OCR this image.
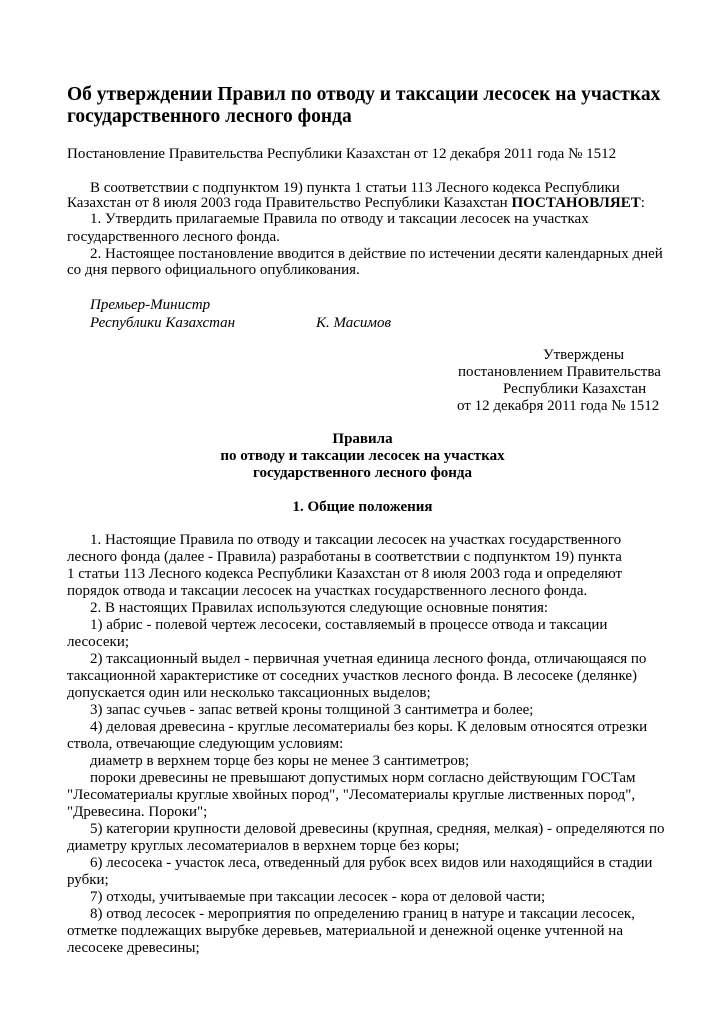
Об утверждении Правил по отводу и таксации лесосек на участках государственного лесного фонда

Постановление Правительства Республики Казахстан от 12 декабря 2011 года № 1512

В соответствии с подпунктом 19) пункта 1 статьи 113 Лесного кодекса Республики

Казахстан от 8 июля 2003 года Правительство Республики Казахстан ПОСТАНОВЛЯЕТ:

1. Утвердить прилагаемые Правила по отводу и таксации лесосек на участках

государственного лесного фонда.

2. Настоящее постановление вводится в действие по истечении десяти календарных дней

со дня первого официального опубликования.

Премьер-Министр

Республики Казахстан	К. Масимов

Утверждены

постановлением Правительства

Республики Казахстан

от 12 декабря 2011 года № 1512

Правила

по отводу и таксации лесосек на участках

государственного лесного фонда

1. Общие положения

1. Настоящие Правила по отводу и таксации лесосек на участках государственного

лесного фонда (далее - Правила) разработаны в соответствии с подпунктом 19) пункта

1 статьи 113 Лесного кодекса Республики Казахстан от 8 июля 2003 года и определяют

порядок отвода и таксации лесосек на участках государственного лесного фонда.

2. В настоящих Правилах используются следующие основные понятия:

1) абрис - полевой чертеж лесосеки, составляемый в процессе отвода и таксации

лесосеки;

2) таксационный выдел - первичная учетная единица лесного фонда, отличающаяся по

таксационной характеристике от соседних участков лесного фонда. В лесосеке (делянке)

допускается один или несколько таксационных выделов;

3) запас сучьев - запас ветвей кроны толщиной 3 сантиметра и более;

4) деловая древесина - круглые лесоматериалы без коры. К деловым относятся отрезки

ствола, отвечающие следующим условиям:

диаметр в верхнем торце без коры не менее 3 сантиметров;

пороки древесины не превышают допустимых норм согласно действующим ГОСТам

"Лесоматериалы круглые хвойных пород", "Лесоматериалы круглые лиственных пород",

"Древесина. Пороки";

5) категории крупности деловой древесины (крупная, средняя, мелкая) - определяются по

диаметру круглых лесоматериалов в верхнем торце без коры;

6) лесосека - участок леса, отведенный для рубок всех видов или находящийся в стадии

рубки;

7) отходы, учитываемые при таксации лесосек - кора от деловой части;

8) отвод лесосек - мероприятия по определению границ в натуре и таксации лесосек,

отметке подлежащих вырубке деревьев, материальной и денежной оценке учтенной на

лесосеке древесины;
